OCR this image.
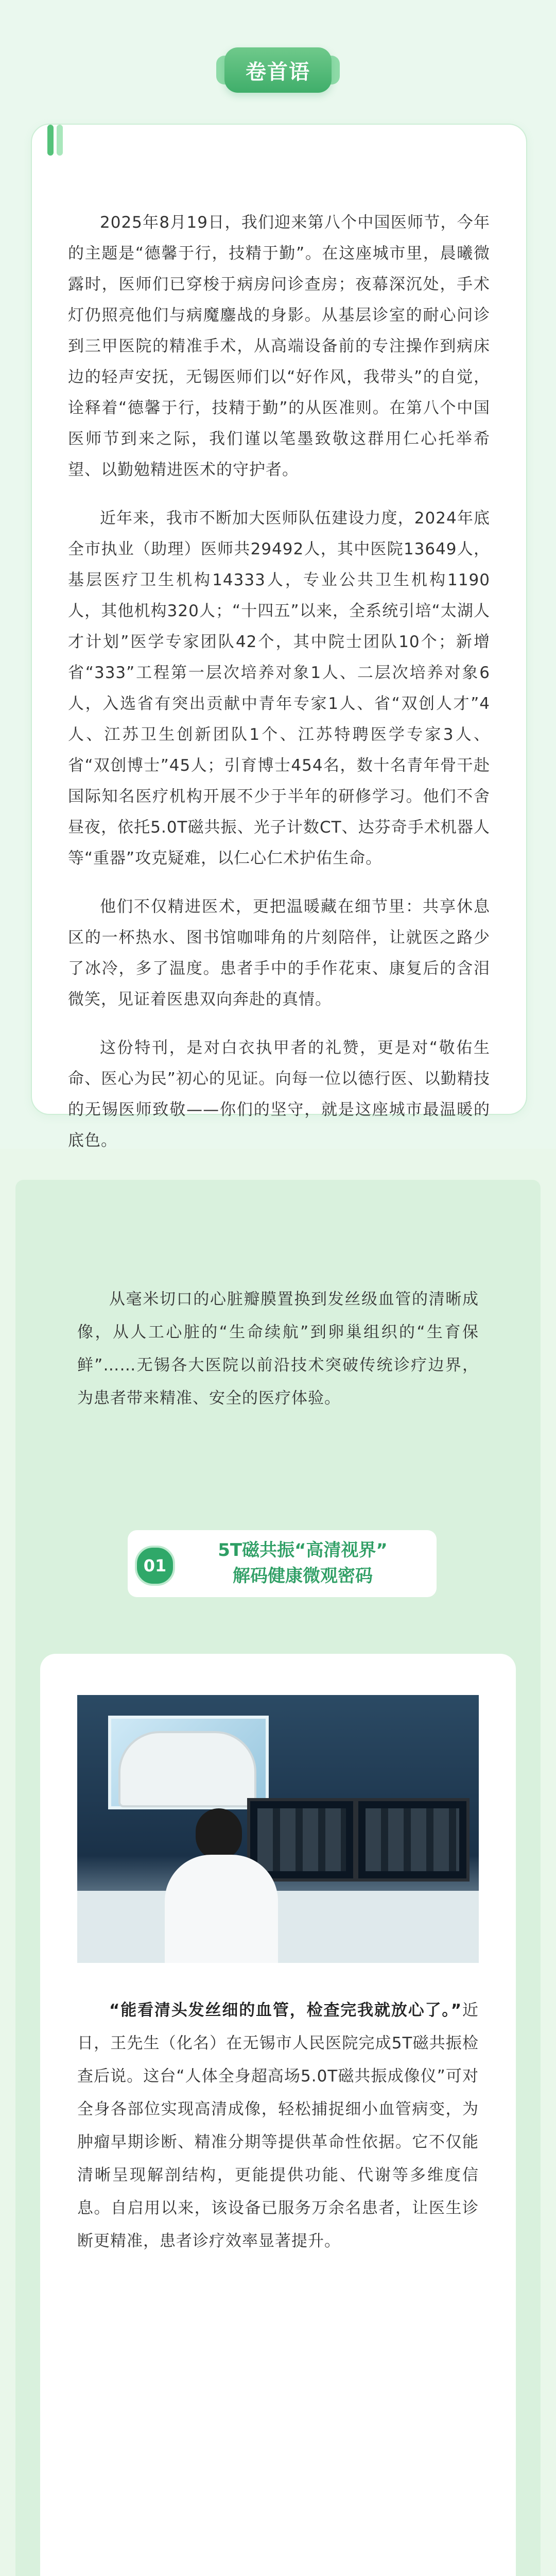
卷首语

2025年8月19日，我们迎来第八个中国医师节，今年的主题是“德馨于行，技精于勤”。在这座城市里，晨曦微露时，医师们已穿梭于病房问诊查房；夜幕深沉处，手术灯仍照亮他们与病魔鏖战的身影。从基层诊室的耐心问诊到三甲医院的精准手术，从高端设备前的专注操作到病床边的轻声安抚，无锡医师们以“好作风，我带头”的自觉，诠释着“德馨于行，技精于勤”的从医准则。在第八个中国医师节到来之际，我们谨以笔墨致敬这群用仁心托举希望、以勤勉精进医术的守护者。

近年来，我市不断加大医师队伍建设力度，2024年底全市执业（助理）医师共29492人，其中医院13649人，基层医疗卫生机构14333人，专业公共卫生机构1190人，其他机构320人；“十四五”以来，全系统引培“太湖人才计划”医学专家团队42个，其中院士团队10个；新增省“333”工程第一层次培养对象1人、二层次培养对象6人，入选省有突出贡献中青年专家1人、省“双创人才”4人、江苏卫生创新团队1个、江苏特聘医学专家3人、省“双创博士”45人；引育博士454名，数十名青年骨干赴国际知名医疗机构开展不少于半年的研修学习。他们不舍昼夜，依托5.0T磁共振、光子计数CT、达芬奇手术机器人等“重器”攻克疑难，以仁心仁术护佑生命。

他们不仅精进医术，更把温暖藏在细节里：共享休息区的一杯热水、图书馆咖啡角的片刻陪伴，让就医之路少了冰冷，多了温度。患者手中的手作花束、康复后的含泪微笑，见证着医患双向奔赴的真情。

这份特刊，是对白衣执甲者的礼赞，更是对“敬佑生命、医心为民”初心的见证。向每一位以德行医、以勤精技的无锡医师致敬——你们的坚守，就是这座城市最温暖的底色。

从毫米切口的心脏瓣膜置换到发丝级血管的清晰成像，从人工心脏的“生命续航”到卵巢组织的“生育保鲜”……无锡各大医院以前沿技术突破传统诊疗边界，为患者带来精准、安全的医疗体验。

01
5T磁共振“高清视界”
解码健康微观密码

“能看清头发丝细的血管，检查完我就放心了。”近日，王先生（化名）在无锡市人民医院完成5T磁共振检查后说。这台“人体全身超高场5.0T磁共振成像仪”可对全身各部位实现高清成像，轻松捕捉细小血管病变，为肿瘤早期诊断、精准分期等提供革命性依据。它不仅能清晰呈现解剖结构，更能提供功能、代谢等多维度信息。自启用以来，该设备已服务万余名患者，让医生诊断更精准，患者诊疗效率显著提升。
